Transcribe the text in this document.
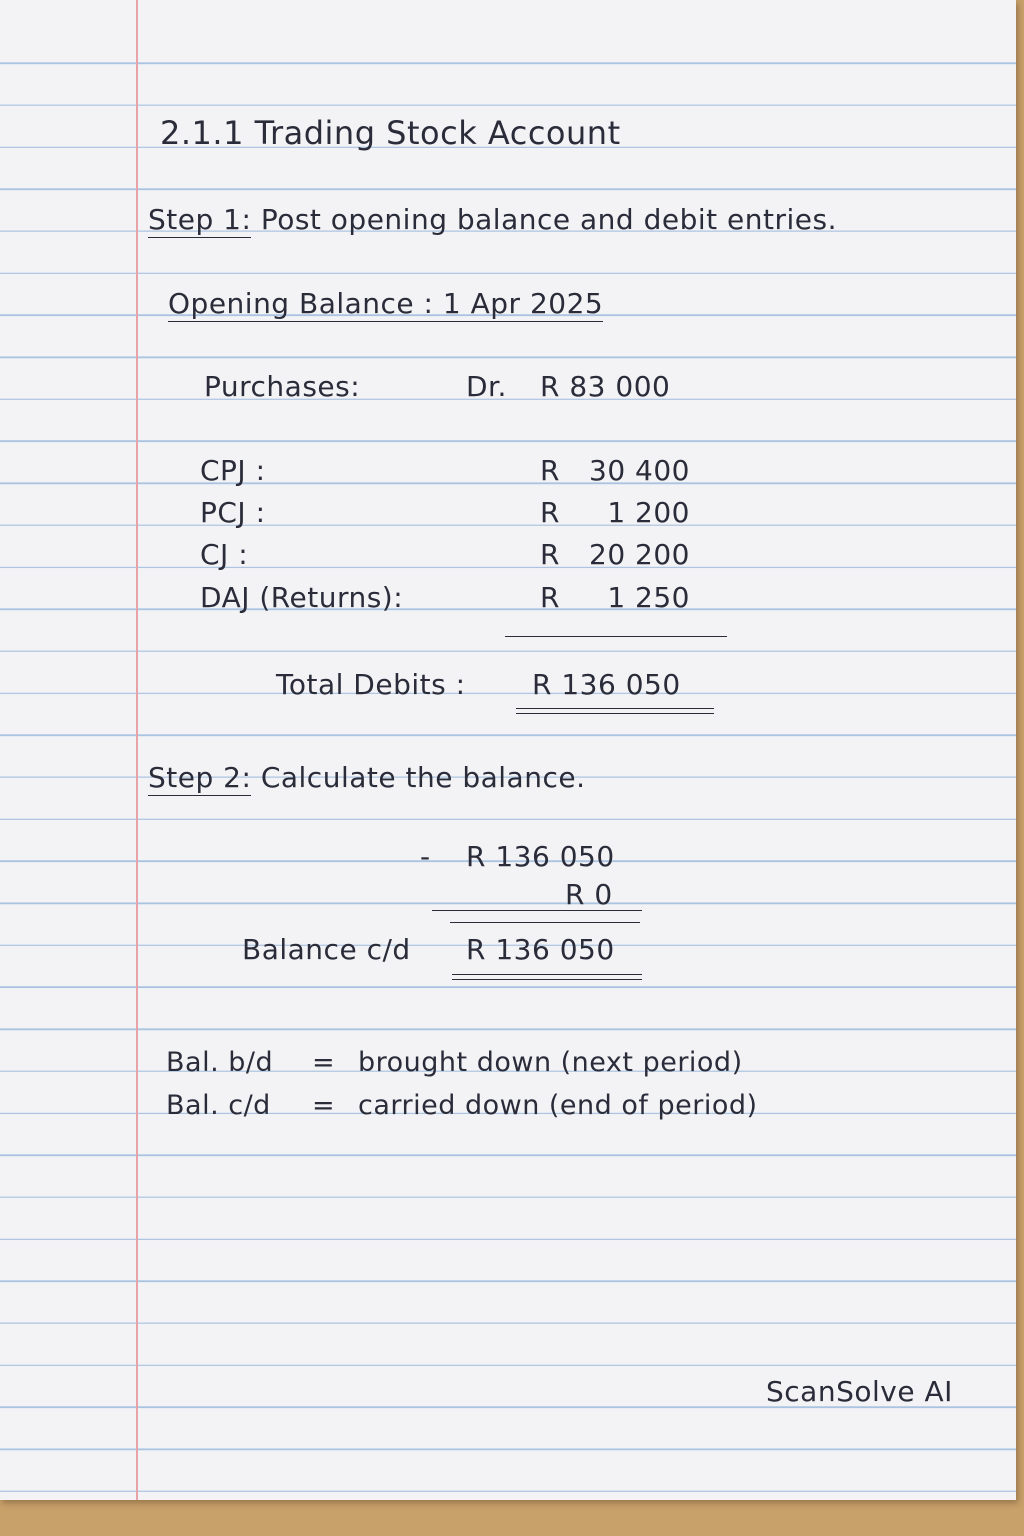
2.1.1 Trading Stock Account
Step 1: Post opening balance and debit entries.
Opening Balance : 1 Apr 2025
Purchases:	Dr. R 83 000
CPJ :	R	30 400
PCJ :	R	1 200
CJ :	R	20 200
DAJ (Returns):	R	1 250
Total Debits : R 136 050
Step 2: Calculate the balance.
- R 136 050
R 0
Balance c/d R 136 050
Bal. b/d = brought down (next period)
Bal. c/d = carried down (end of period)
ScanSolve AI
